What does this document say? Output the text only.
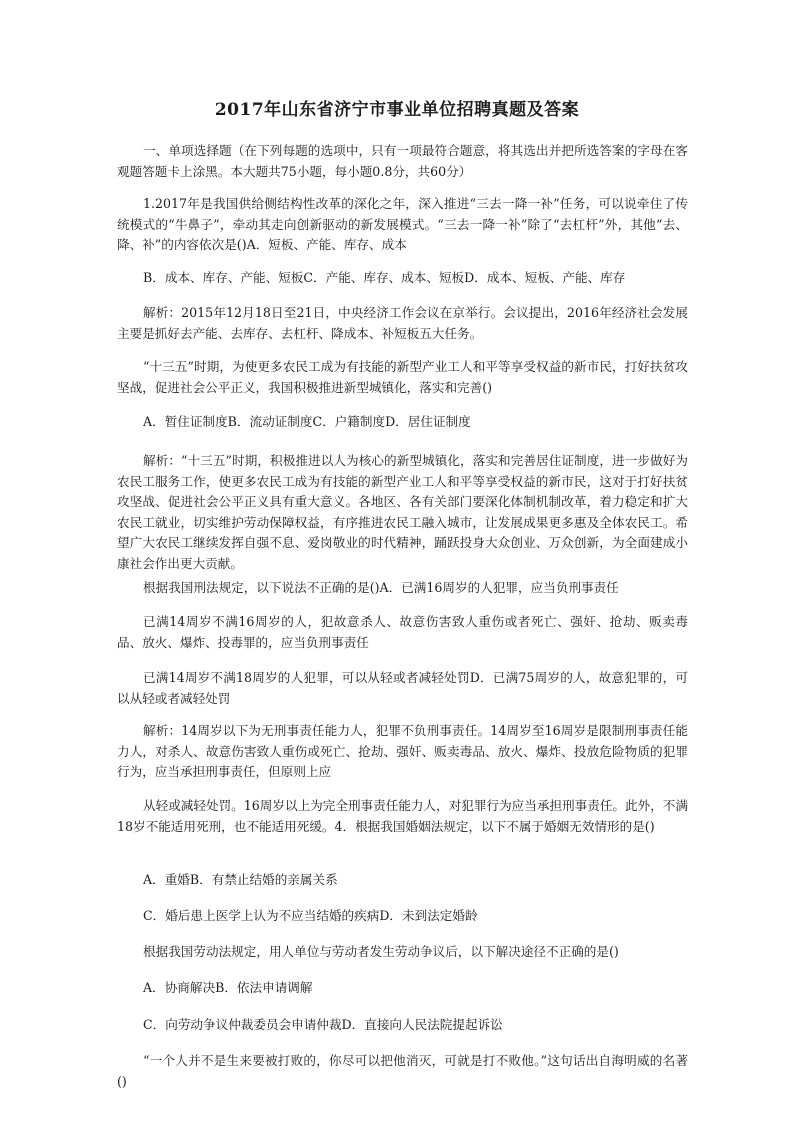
2017年山东省济宁市事业单位招聘真题及答案

一、单项选择题（在下列每题的选项中，只有一项最符合题意，将其选出并把所选答案的字母在客观题答题卡上涂黑。本大题共75小题，每小题0.8分，共60分）

1.2017年是我国供给侧结构性改革的深化之年，深入推进“三去一降一补”任务，可以说牵住了传统模式的“牛鼻子”，牵动其走向创新驱动的新发展模式。“三去一降一补”除了“去杠杆”外，其他“去、降、补”的内容依次是()A．短板、产能、库存、成本

B．成本、库存、产能、短板C．产能、库存、成本、短板D．成本、短板、产能、库存

解析：2015年12月18日至21日，中央经济工作会议在京举行。会议提出，2016年经济社会发展主要是抓好去产能、去库存、去杠杆、降成本、补短板五大任务。

“十三五”时期，为使更多农民工成为有技能的新型产业工人和平等享受权益的新市民，打好扶贫攻坚战，促进社会公平正义，我国积极推进新型城镇化，落实和完善()

A．暂住证制度B．流动证制度C．户籍制度D．居住证制度

解析：“十三五”时期，积极推进以人为核心的新型城镇化，落实和完善居住证制度，进一步做好为农民工服务工作，使更多农民工成为有技能的新型产业工人和平等享受权益的新市民，这对于打好扶贫攻坚战、促进社会公平正义具有重大意义。各地区、各有关部门要深化体制机制改革，着力稳定和扩大农民工就业，切实维护劳动保障权益，有序推进农民工融入城市，让发展成果更多惠及全体农民工。希望广大农民工继续发挥自强不息、爱岗敬业的时代精神，踊跃投身大众创业、万众创新，为全面建成小康社会作出更大贡献。

根据我国刑法规定，以下说法不正确的是()A．已满16周岁的人犯罪，应当负刑事责任

已满14周岁不满16周岁的人，犯故意杀人、故意伤害致人重伤或者死亡、强奸、抢劫、贩卖毒品、放火、爆炸、投毒罪的，应当负刑事责任

已满14周岁不满18周岁的人犯罪，可以从轻或者减轻处罚D．已满75周岁的人，故意犯罪的，可以从轻或者减轻处罚

解析：14周岁以下为无刑事责任能力人，犯罪不负刑事责任。14周岁至16周岁是限制刑事责任能力人，对杀人、故意伤害致人重伤或死亡、抢劫、强奸、贩卖毒品、放火、爆炸、投放危险物质的犯罪行为，应当承担刑事责任，但原则上应

从轻或减轻处罚。16周岁以上为完全刑事责任能力人，对犯罪行为应当承担刑事责任。此外，不满18岁不能适用死刑，也不能适用死缓。4．根据我国婚姻法规定，以下不属于婚姻无效情形的是()

A．重婚B．有禁止结婚的亲属关系

C．婚后患上医学上认为不应当结婚的疾病D．未到法定婚龄

根据我国劳动法规定，用人单位与劳动者发生劳动争议后，以下解决途径不正确的是()

A．协商解决B．依法申请调解

C．向劳动争议仲裁委员会申请仲裁D．直接向人民法院提起诉讼

“一个人并不是生来要被打败的，你尽可以把他消灭，可就是打不败他。”这句话出自海明威的名著()
